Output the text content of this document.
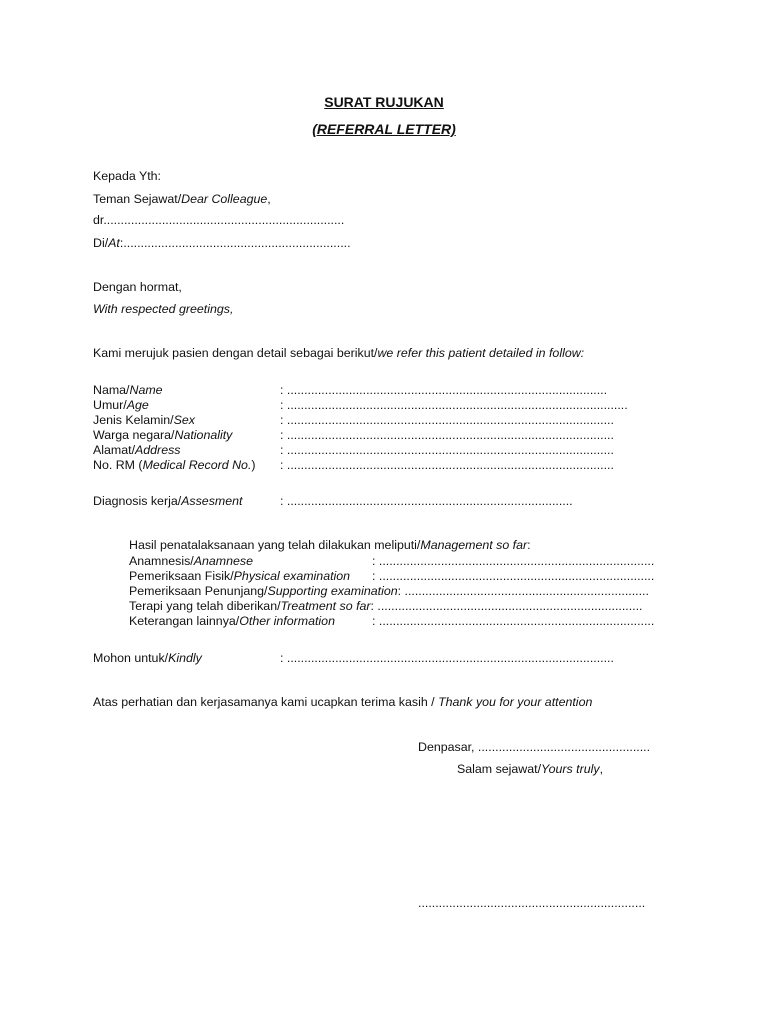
SURAT RUJUKAN
(REFERRAL LETTER)
Kepada Yth:
Teman Sejawat/Dear Colleague,
dr......................................................................
Di/At:..................................................................
Dengan hormat,
With respected greetings,
Kami merujuk pasien dengan detail sebagai berikut/we refer this patient detailed in follow:
Nama/Name	: .............................................................................................
Umur/Age	: ...................................................................................................
Jenis Kelamin/Sex	: ...............................................................................................
Warga negara/Nationality	: ...............................................................................................
Alamat/Address	: ...............................................................................................
No. RM (Medical Record No.) : ...............................................................................................
Diagnosis kerja/Assesment	: ...................................................................................
Hasil penatalaksanaan yang telah dilakukan meliputi/Management so far:
Anamnesis/Anamnese	: ................................................................................
Pemeriksaan Fisik/Physical examination : ................................................................................
Pemeriksaan Penunjang/Supporting examination: .......................................................................
Terapi yang telah diberikan/Treatment so far: .............................................................................
Keterangan lainnya/Other information	: ................................................................................
Mohon untuk/Kindly	: ...............................................................................................
Atas perhatian dan kerjasamanya kami ucapkan terima kasih / Thank you for your attention
Denpasar, ..................................................
Salam sejawat/Yours truly,
..................................................................
